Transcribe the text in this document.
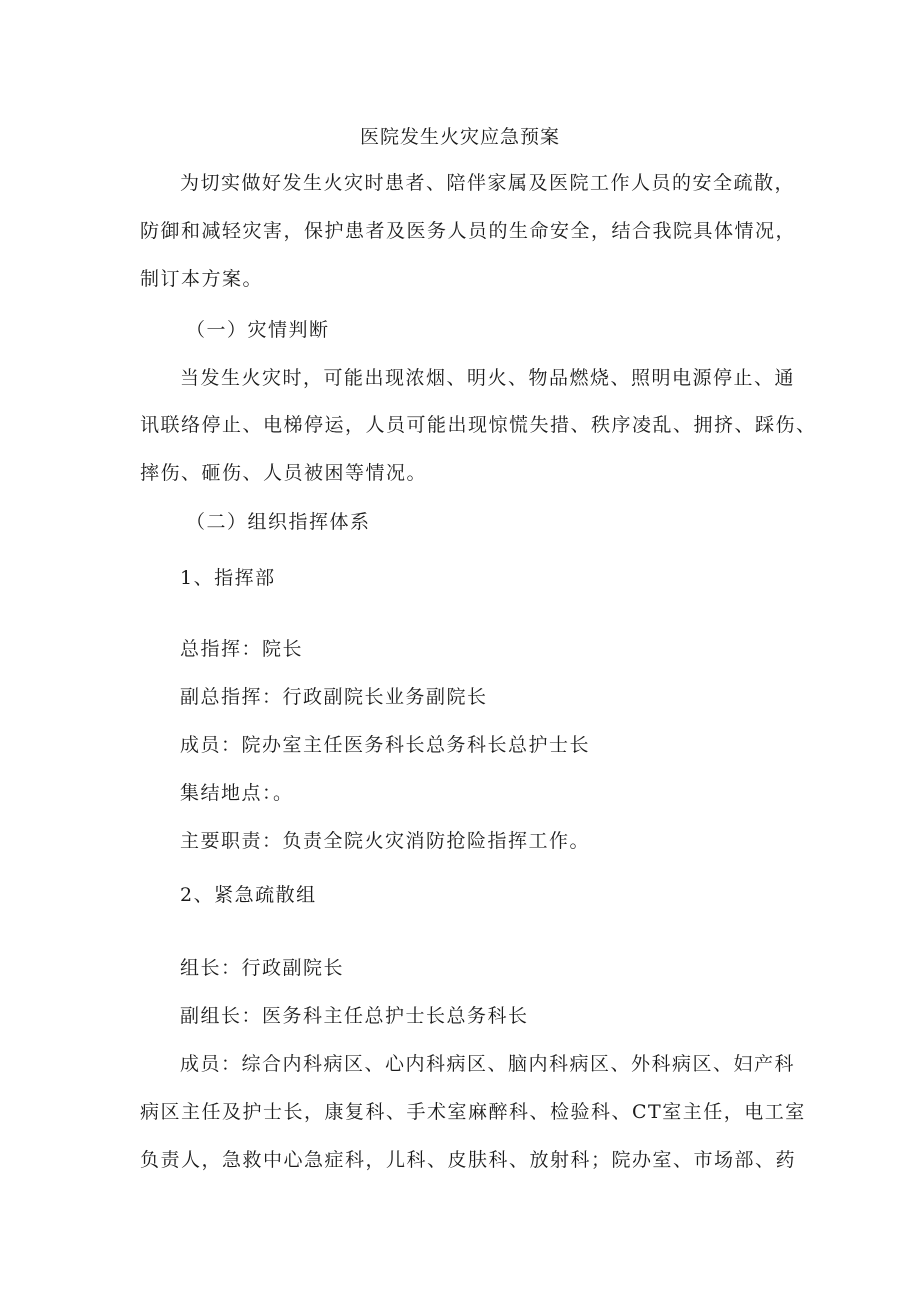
医院发生火灾应急预案
为切实做好发生火灾时患者、陪伴家属及医院工作人员的安全疏散，
防御和减轻灾害，保护患者及医务人员的生命安全，结合我院具体情况，
制订本方案。
（一）灾情判断
当发生火灾时，可能出现浓烟、明火、物品燃烧、照明电源停止、通
讯联络停止、电梯停运，人员可能出现惊慌失措、秩序凌乱、拥挤、踩伤、
摔伤、砸伤、人员被困等情况。
（二）组织指挥体系
1、指挥部
总指挥：院长
副总指挥：行政副院长业务副院长
成员：院办室主任医务科长总务科长总护士长
集结地点：。
主要职责：负责全院火灾消防抢险指挥工作。
2、紧急疏散组
组长：行政副院长
副组长：医务科主任总护士长总务科长
成员：综合内科病区、心内科病区、脑内科病区、外科病区、妇产科
病区主任及护士长，康复科、手术室麻醉科、检验科、CT室主任，电工室
负责人，急救中心急症科，儿科、皮肤科、放射科；院办室、市场部、药
